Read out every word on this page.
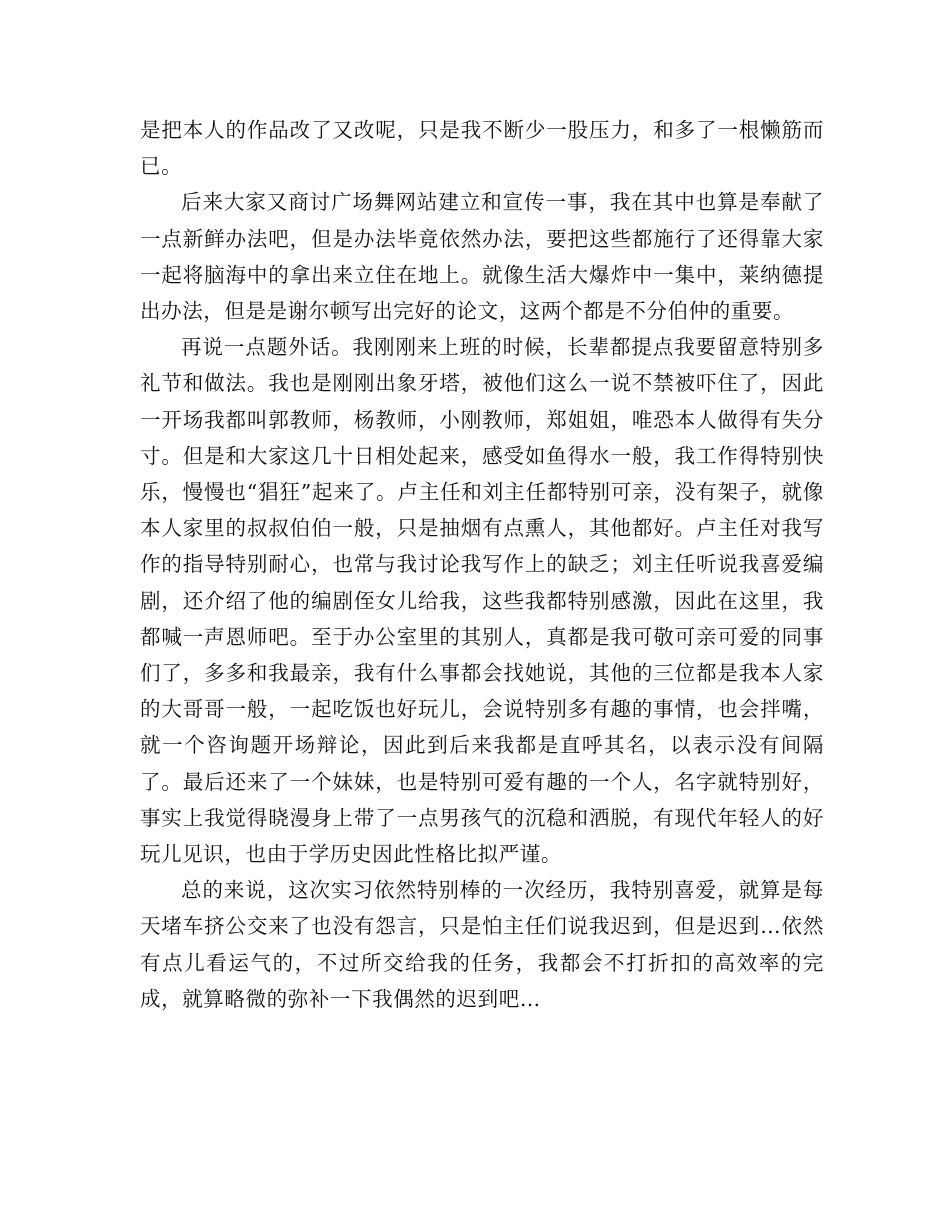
是把本人的作品改了又改呢，只是我不断少一股压力，和多了一根懒筋而已。

后来大家又商讨广场舞网站建立和宣传一事，我在其中也算是奉献了一点新鲜办法吧，但是办法毕竟依然办法，要把这些都施行了还得靠大家一起将脑海中的拿出来立住在地上。就像生活大爆炸中一集中，莱纳德提出办法，但是是谢尔顿写出完好的论文，这两个都是不分伯仲的重要。

再说一点题外话。我刚刚来上班的时候，长辈都提点我要留意特别多礼节和做法。我也是刚刚出象牙塔，被他们这么一说不禁被吓住了，因此一开场我都叫郭教师，杨教师，小刚教师，郑姐姐，唯恐本人做得有失分寸。但是和大家这几十日相处起来，感受如鱼得水一般，我工作得特别快乐，慢慢也“猖狂”起来了。卢主任和刘主任都特别可亲，没有架子，就像本人家里的叔叔伯伯一般，只是抽烟有点熏人，其他都好。卢主任对我写作的指导特别耐心，也常与我讨论我写作上的缺乏；刘主任听说我喜爱编剧，还介绍了他的编剧侄女儿给我，这些我都特别感激，因此在这里，我都喊一声恩师吧。至于办公室里的其别人，真都是我可敬可亲可爱的同事们了，多多和我最亲，我有什么事都会找她说，其他的三位都是我本人家的大哥哥一般，一起吃饭也好玩儿，会说特别多有趣的事情，也会拌嘴，就一个咨询题开场辩论，因此到后来我都是直呼其名，以表示没有间隔了。最后还来了一个妹妹，也是特别可爱有趣的一个人，名字就特别好，事实上我觉得晓漫身上带了一点男孩气的沉稳和洒脱，有现代年轻人的好玩儿见识，也由于学历史因此性格比拟严谨。

总的来说，这次实习依然特别棒的一次经历，我特别喜爱，就算是每天堵车挤公交来了也没有怨言，只是怕主任们说我迟到，但是迟到…依然有点儿看运气的，不过所交给我的任务，我都会不打折扣的高效率的完成，就算略微的弥补一下我偶然的迟到吧…
